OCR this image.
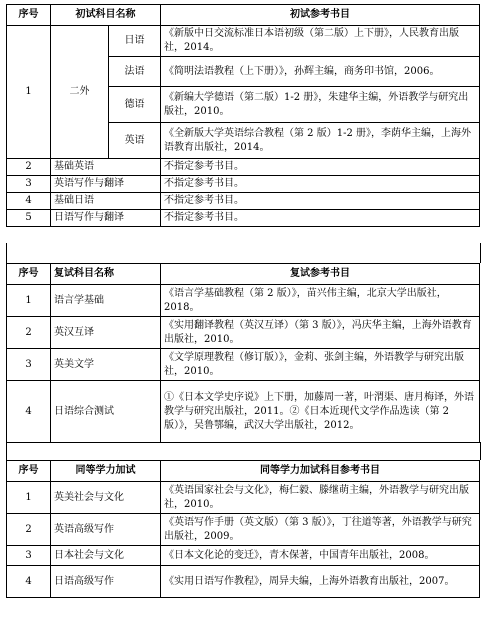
序号	初试科目名称		初试参考书目
1	二外	日语	《新版中日交流标准日本语初级（第二版）上下册》，人民教育出版社，2014。
		法语	《简明法语教程（上下册）》，孙辉主编，商务印书馆，2006。
		德语	《新编大学德语（第二版）1-2 册》，朱建华主编，外语教学与研究出版社，2010。
		英语	《全新版大学英语综合教程（第 2 版）1-2 册》，李荫华主编，上海外语教育出版社，2014。
2	基础英语		不指定参考书目。
3	英语写作与翻译		不指定参考书目。
4	基础日语		不指定参考书目。
5	日语写作与翻译		不指定参考书目。
序号	复试科目名称	复试参考书目
1	语言学基础	《语言学基础教程（第 2 版）》，苗兴伟主编，北京大学出版社，2018。
2	英汉互译	《实用翻译教程（英汉互译）（第 3 版）》，冯庆华主编，上海外语教育出版社，2010。
3	英美文学	《文学原理教程（修订版）》，金莉、张剑主编，外语教学与研究出版社，2010。
4	日语综合测试	①《日本文学史序说》上下册，加藤周一著，叶渭渠、唐月梅译，外语教学与研究出版社，2011。②《日本近现代文学作品选读（第 2 版）》，吴鲁鄂编，武汉大学出版社，2012。
序号	同等学力加试	同等学力加试科目参考书目
1	英美社会与文化	《英语国家社会与文化》，梅仁毅、滕继萌主编，外语教学与研究出版社，2010。
2	英语高级写作	《英语写作手册（英文版）（第 3 版）》，丁往道等著，外语教学与研究出版社，2009。
3	日本社会与文化	《日本文化论的变迁》，青木保著，中国青年出版社，2008。
4	日语高级写作	《实用日语写作教程》，周异夫编，上海外语教育出版社，2007。
